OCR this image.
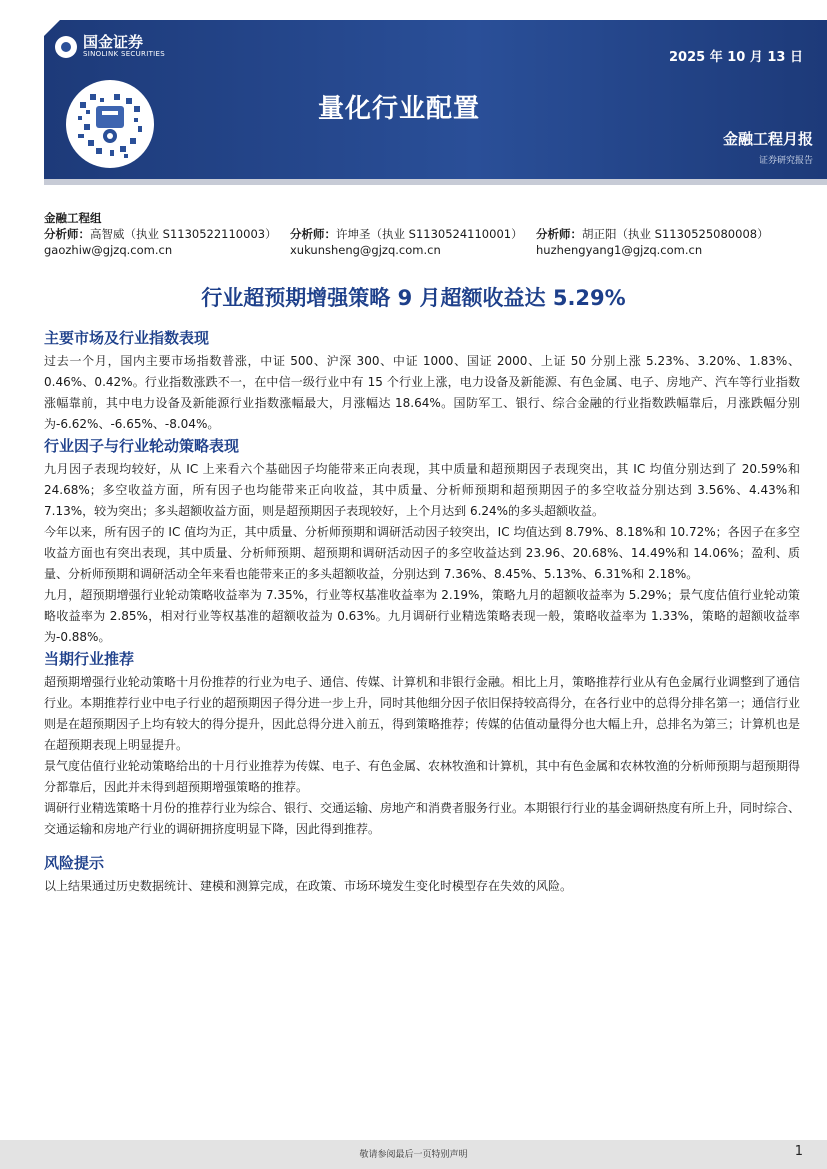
国金证券
SINOLINK SECURITIES	2025 年 10 月 13 日
量化行业配置
金融工程月报
证券研究报告
金融工程组
分析师：高智威（执业 S1130522110003）	分析师：许坤圣（执业 S1130524110001）	分析师：胡正阳（执业 S1130525080008）
gaozhiw@gjzq.com.cn	xukunsheng@gjzq.com.cn	huzhengyang1@gjzq.com.cn
行业超预期增强策略 9 月超额收益达 5.29%
主要市场及行业指数表现

过去一个月，国内主要市场指数普涨，中证 500、沪深 300、中证 1000、国证 2000、上证 50 分别上涨 5.23%、3.20%、1.83%、0.46%、0.42%。行业指数涨跌不一，在中信一级行业中有 15 个行业上涨，电力设备及新能源、有色金属、电子、房地产、汽车等行业指数涨幅靠前，其中电力设备及新能源行业指数涨幅最大，月涨幅达 18.64%。国防军工、银行、综合金融的行业指数跌幅靠后，月涨跌幅分别为-6.62%、-6.65%、-8.04%。

行业因子与行业轮动策略表现

九月因子表现均较好，从 IC 上来看六个基础因子均能带来正向表现，其中质量和超预期因子表现突出，其 IC 均值分别达到了 20.59%和 24.68%；多空收益方面，所有因子也均能带来正向收益，其中质量、分析师预期和超预期因子的多空收益分别达到 3.56%、4.43%和 7.13%，较为突出；多头超额收益方面，则是超预期因子表现较好，上个月达到 6.24%的多头超额收益。

今年以来，所有因子的 IC 值均为正，其中质量、分析师预期和调研活动因子较突出，IC 均值达到 8.79%、8.18%和 10.72%；各因子在多空收益方面也有突出表现，其中质量、分析师预期、超预期和调研活动因子的多空收益达到 23.96、20.68%、14.49%和 14.06%；盈利、质量、分析师预期和调研活动全年来看也能带来正的多头超额收益，分别达到 7.36%、8.45%、5.13%、6.31%和 2.18%。

九月，超预期增强行业轮动策略收益率为 7.35%，行业等权基准收益率为 2.19%，策略九月的超额收益率为 5.29%；景气度估值行业轮动策略收益率为 2.85%，相对行业等权基准的超额收益为 0.63%。九月调研行业精选策略表现一般，策略收益率为 1.33%，策略的超额收益率为-0.88%。

当期行业推荐

超预期增强行业轮动策略十月份推荐的行业为电子、通信、传媒、计算机和非银行金融。相比上月，策略推荐行业从有色金属行业调整到了通信行业。本期推荐行业中电子行业的超预期因子得分进一步上升，同时其他细分因子依旧保持较高得分，在各行业中的总得分排名第一；通信行业则是在超预期因子上均有较大的得分提升，因此总得分进入前五，得到策略推荐；传媒的估值动量得分也大幅上升，总排名为第三；计算机也是在超预期表现上明显提升。

景气度估值行业轮动策略给出的十月行业推荐为传媒、电子、有色金属、农林牧渔和计算机，其中有色金属和农林牧渔的分析师预期与超预期得分都靠后，因此并未得到超预期增强策略的推荐。

调研行业精选策略十月份的推荐行业为综合、银行、交通运输、房地产和消费者服务行业。本期银行行业的基金调研热度有所上升，同时综合、交通运输和房地产行业的调研拥挤度明显下降，因此得到推荐。

风险提示

以上结果通过历史数据统计、建模和测算完成，在政策、市场环境发生变化时模型存在失效的风险。

敬请参阅最后一页特别声明	1
